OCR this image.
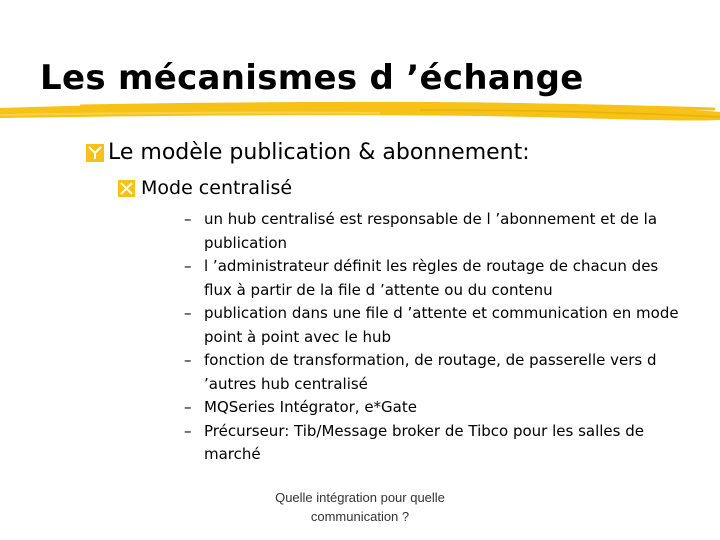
Les mécanismes d ’échange
Le modèle publication & abonnement:
Mode centralisé
– un hub centralisé est responsable de l ’abonnement et de la publication
– l ’administrateur définit les règles de routage de chacun des flux à partir de la file d ’attente ou du contenu
– publication dans une file d ’attente et communication en mode point à point avec le hub
– fonction de transformation, de routage, de passerelle vers d ’autres hub centralisé
– MQSeries Intégrator, e*Gate
– Précurseur: Tib/Message broker de Tibco pour les salles de marché
Quelle intégration pour quelle communication ?
